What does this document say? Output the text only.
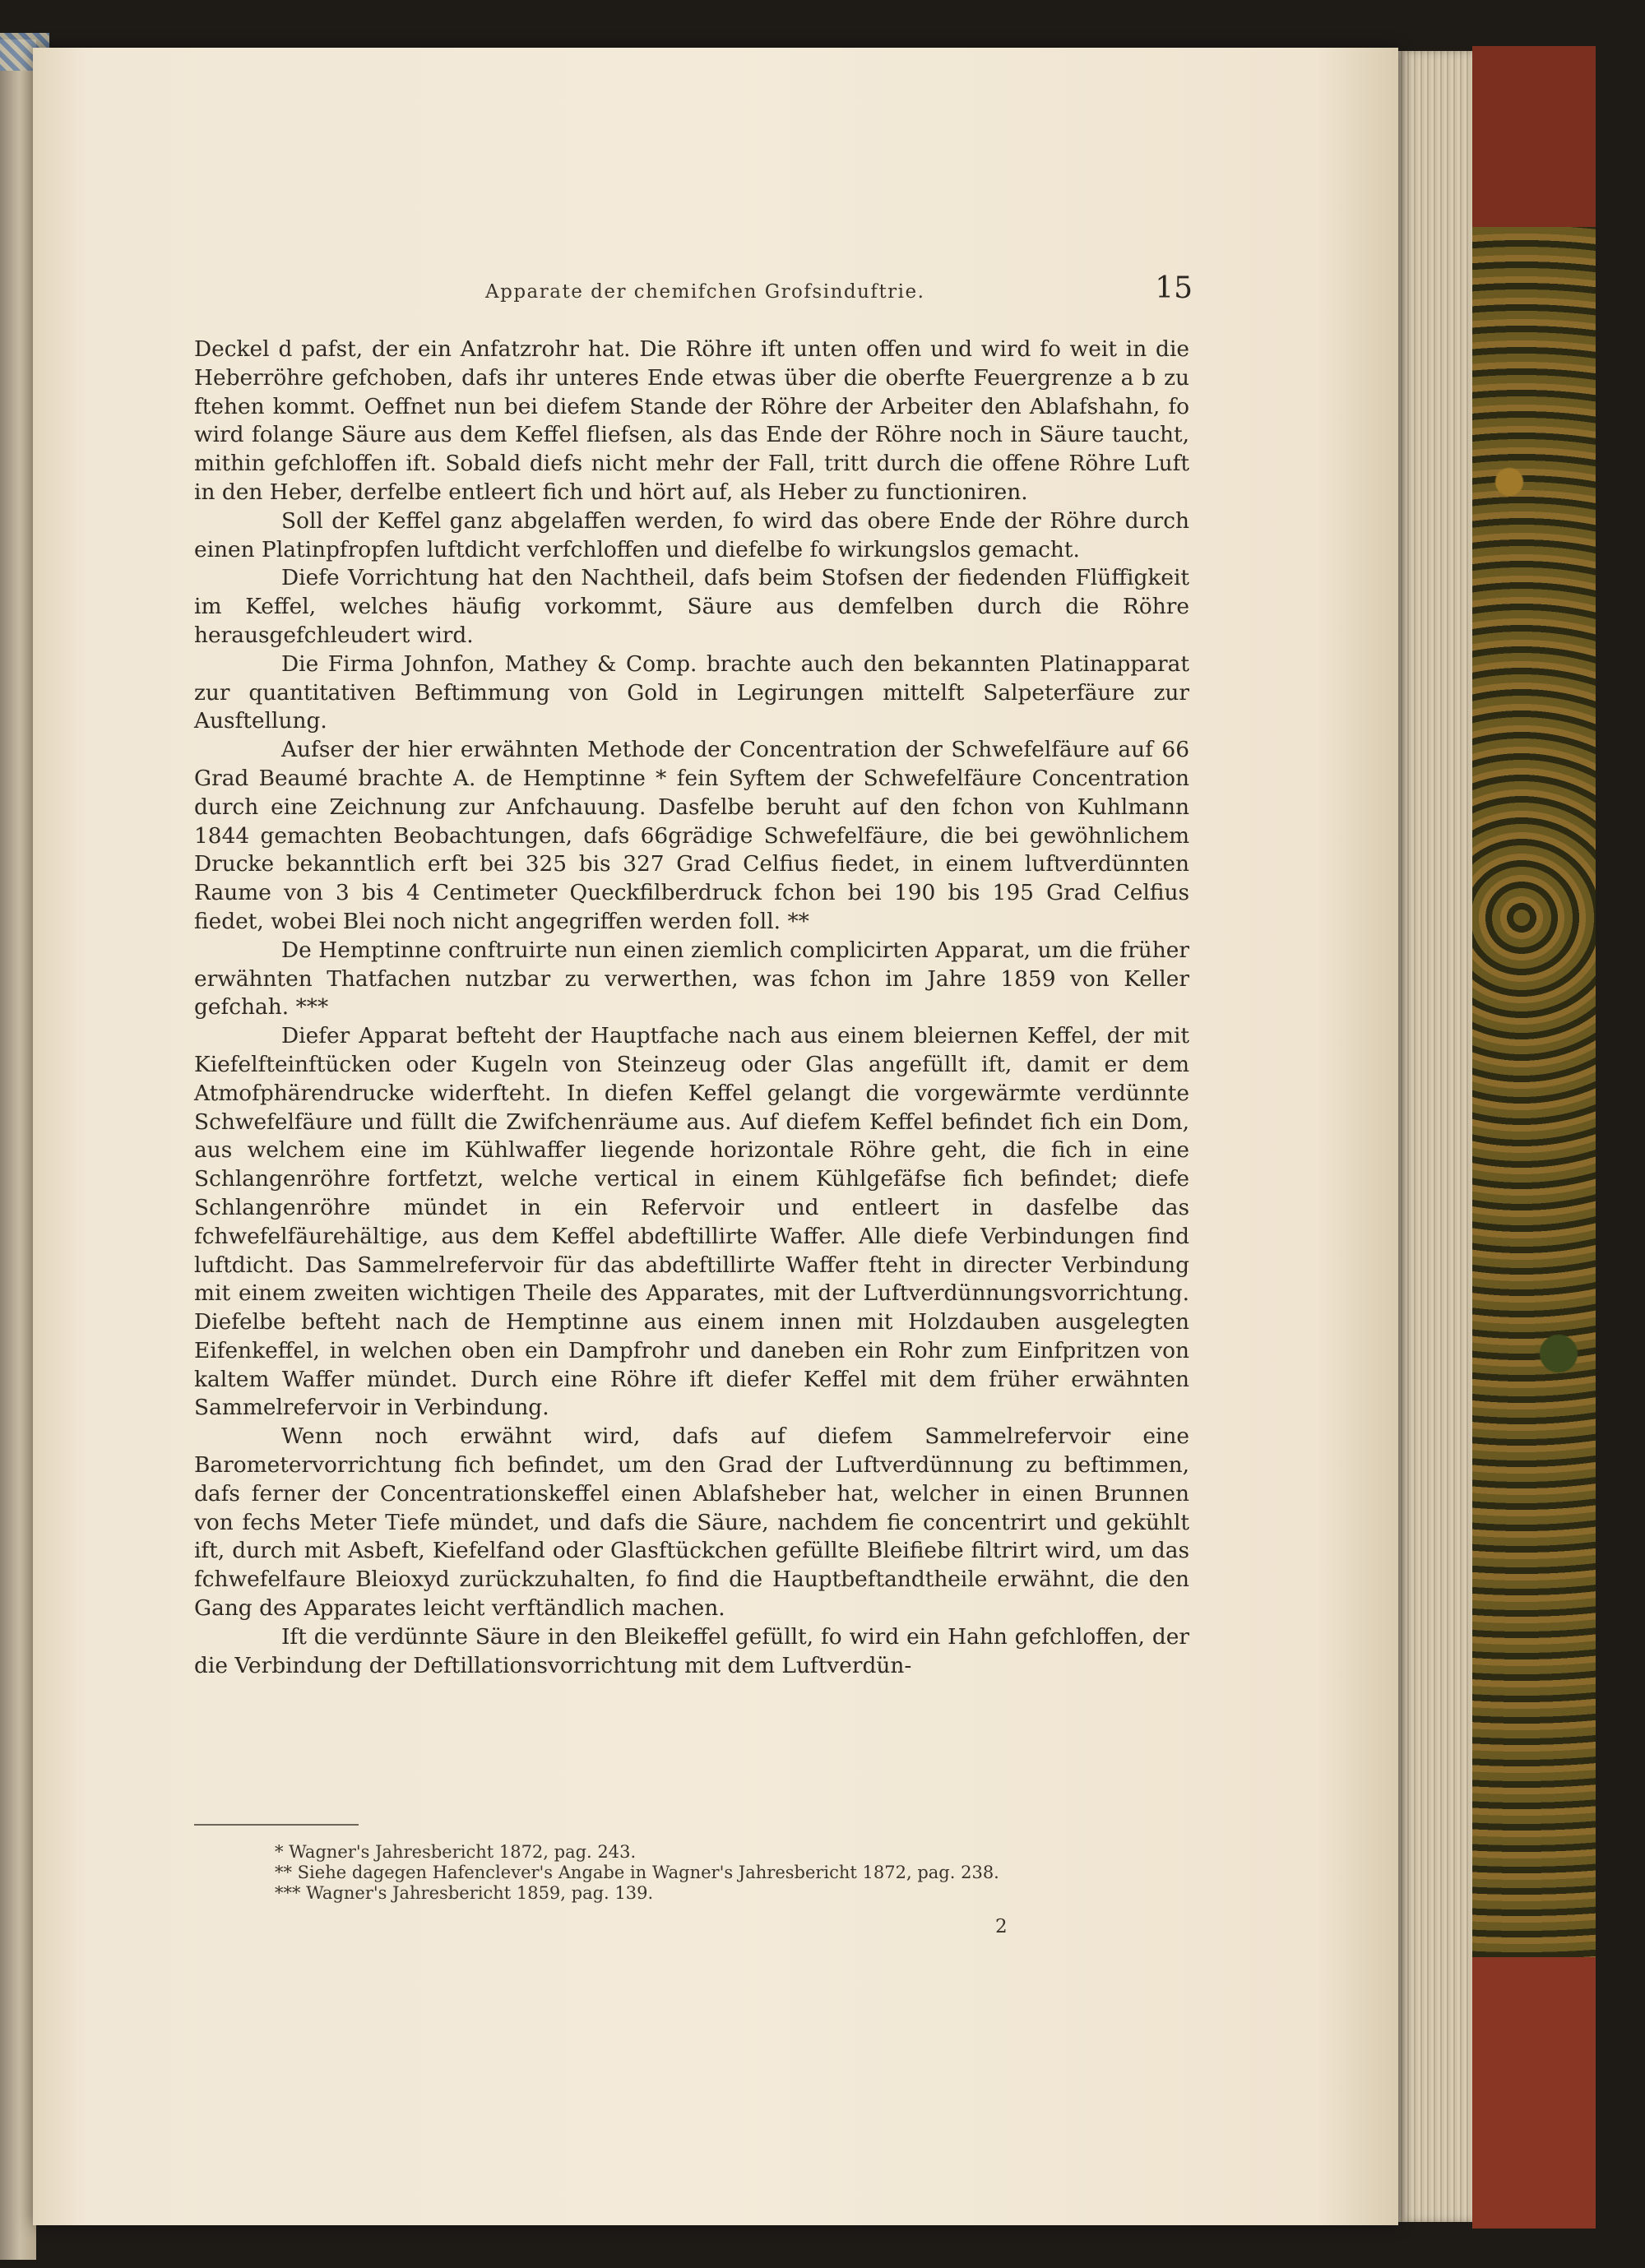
Apparate der chemifchen Grofsinduftrie.	15

Deckel d pafst, der ein Anfatzrohr hat. Die Röhre ift unten offen und wird fo weit in die Heberröhre gefchoben, dafs ihr unteres Ende etwas über die oberfte Feuergrenze a b zu ftehen kommt. Oeffnet nun bei diefem Stande der Röhre der Arbeiter den Ablafshahn, fo wird folange Säure aus dem Keffel fliefsen, als das Ende der Röhre noch in Säure taucht, mithin gefchloffen ift. Sobald diefs nicht mehr der Fall, tritt durch die offene Röhre Luft in den Heber, derfelbe entleert fich und hört auf, als Heber zu functioniren.

Soll der Keffel ganz abgelaffen werden, fo wird das obere Ende der Röhre durch einen Platinpfropfen luftdicht verfchloffen und diefelbe fo wirkungslos gemacht.

Diefe Vorrichtung hat den Nachtheil, dafs beim Stofsen der fiedenden Flüffigkeit im Keffel, welches häufig vorkommt, Säure aus demfelben durch die Röhre herausgefchleudert wird.

Die Firma Johnfon, Mathey & Comp. brachte auch den bekannten Platinapparat zur quantitativen Beftimmung von Gold in Legirungen mittelft Salpeterfäure zur Ausftellung.

Aufser der hier erwähnten Methode der Concentration der Schwefelfäure auf 66 Grad Beaumé brachte A. de Hemptinne * fein Syftem der Schwefelfäure Concentration durch eine Zeichnung zur Anfchauung. Dasfelbe beruht auf den fchon von Kuhlmann 1844 gemachten Beobachtungen, dafs 66grädige Schwefelfäure, die bei gewöhnlichem Drucke bekanntlich erft bei 325 bis 327 Grad Celfius fiedet, in einem luftverdünnten Raume von 3 bis 4 Centimeter Queckfilberdruck fchon bei 190 bis 195 Grad Celfius fiedet, wobei Blei noch nicht angegriffen werden foll. **

De Hemptinne conftruirte nun einen ziemlich complicirten Apparat, um die früher erwähnten Thatfachen nutzbar zu verwerthen, was fchon im Jahre 1859 von Keller gefchah. ***

Diefer Apparat befteht der Hauptfache nach aus einem bleiernen Keffel, der mit Kiefelfteinftücken oder Kugeln von Steinzeug oder Glas angefüllt ift, damit er dem Atmofphärendrucke widerfteht. In diefen Keffel gelangt die vorgewärmte verdünnte Schwefelfäure und füllt die Zwifchenräume aus. Auf diefem Keffel befindet fich ein Dom, aus welchem eine im Kühlwaffer liegende horizontale Röhre geht, die fich in eine Schlangenröhre fortfetzt, welche vertical in einem Kühlgefäfse fich befindet; diefe Schlangenröhre mündet in ein Refervoir und entleert in dasfelbe das fchwefelfäurehältige, aus dem Keffel abdeftillirte Waffer. Alle diefe Verbindungen find luftdicht. Das Sammelrefervoir für das abdeftillirte Waffer fteht in directer Verbindung mit einem zweiten wichtigen Theile des Apparates, mit der Luftverdünnungsvorrichtung. Diefelbe befteht nach de Hemptinne aus einem innen mit Holzdauben ausgelegten Eifenkeffel, in welchen oben ein Dampfrohr und daneben ein Rohr zum Einfpritzen von kaltem Waffer mündet. Durch eine Röhre ift diefer Keffel mit dem früher erwähnten Sammelrefervoir in Verbindung.

Wenn noch erwähnt wird, dafs auf diefem Sammelrefervoir eine Barometervorrichtung fich befindet, um den Grad der Luftverdünnung zu beftimmen, dafs ferner der Concentrationskeffel einen Ablafsheber hat, welcher in einen Brunnen von fechs Meter Tiefe mündet, und dafs die Säure, nachdem fie concentrirt und gekühlt ift, durch mit Asbeft, Kiefelfand oder Glasftückchen gefüllte Bleifiebe filtrirt wird, um das fchwefelfaure Bleioxyd zurückzuhalten, fo find die Hauptbeftandtheile erwähnt, die den Gang des Apparates leicht verftändlich machen.

Ift die verdünnte Säure in den Bleikeffel gefüllt, fo wird ein Hahn gefchloffen, der die Verbindung der Deftillationsvorrichtung mit dem Luftverdün-

* Wagner's Jahresbericht 1872, pag. 243.
** Siehe dagegen Hafenclever's Angabe in Wagner's Jahresbericht 1872, pag. 238.
*** Wagner's Jahresbericht 1859, pag. 139.
2
